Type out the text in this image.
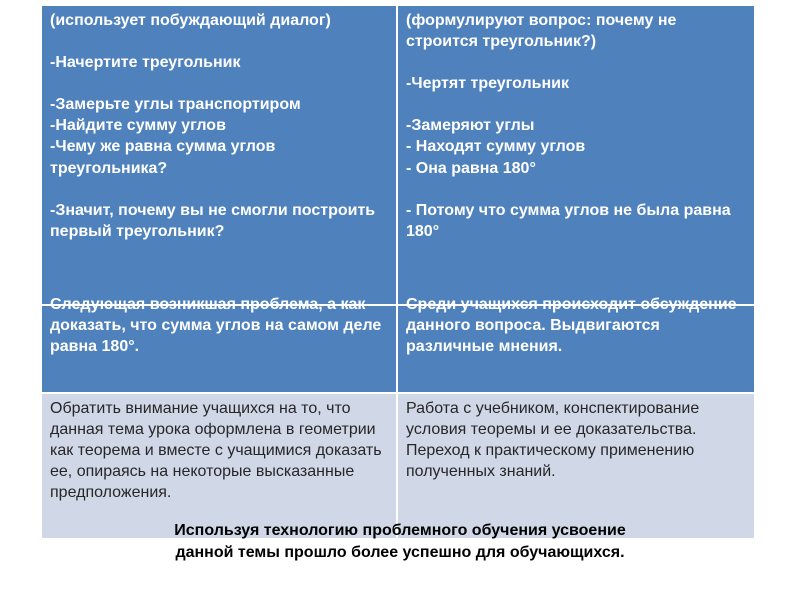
(использует побуждающий диалог)
-Начертите треугольник
-Замерьте углы транспортиром
-Найдите сумму углов
-Чему же равна сумма углов треугольника?
-Значит, почему вы не смогли построить первый треугольник?
(формулируют вопрос: почему не строится треугольник?)
-Чертят треугольник
-Замеряют углы
- Находят сумму углов
- Она равна 180°
- Потому что сумма углов не была равна 180°
Следующая возникшая проблема, а как доказать, что сумма углов на самом деле равна 180°.
Среди учащихся происходит обсуждение данного вопроса. Выдвигаются различные мнения.
Обратить внимание учащихся на то, что данная тема урока оформлена в геометрии как теорема и вместе с учащимися доказать ее, опираясь на некоторые высказанные предположения.
Работа с учебником, конспектирование условия теоремы и ее доказательства. Переход к практическому применению полученных знаний.
Используя технологию проблемного обучения усвоение
данной темы прошло более успешно для обучающихся.
